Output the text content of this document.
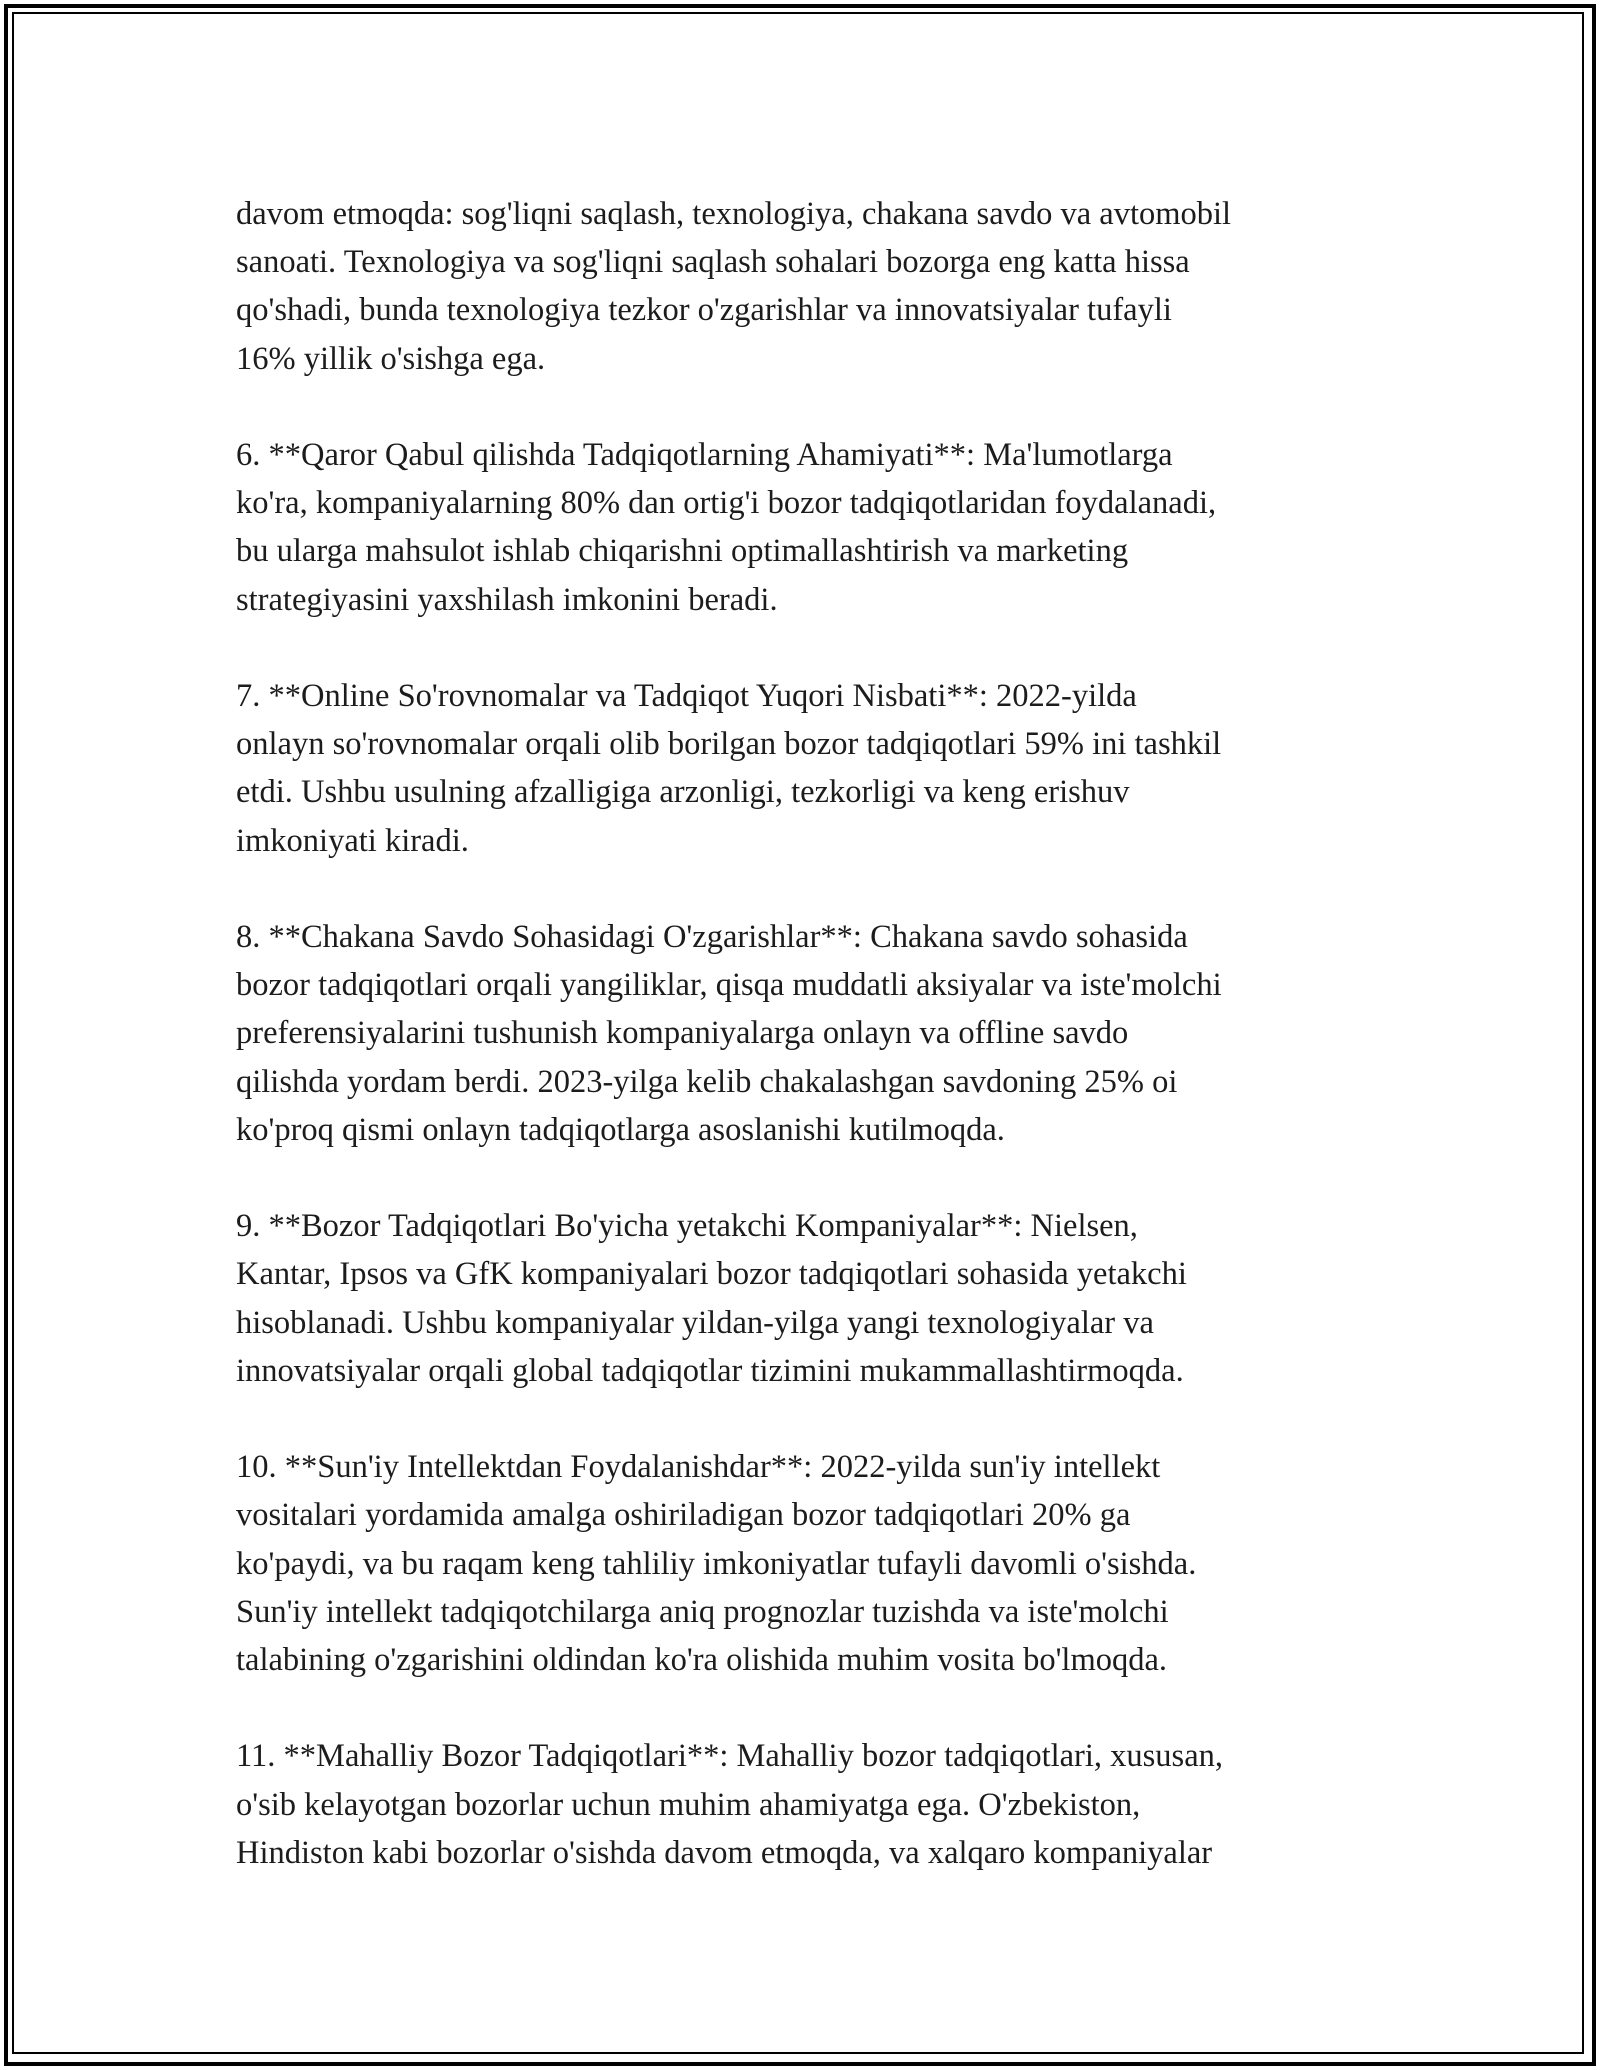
davom etmoqda: sog'liqni saqlash, texnologiya, chakana savdo va avtomobil
sanoati. Texnologiya va sog'liqni saqlash sohalari bozorga eng katta hissa
qo'shadi, bunda texnologiya tezkor o'zgarishlar va innovatsiyalar tufayli
16% yillik o'sishga ega.

6. **Qaror Qabul qilishda Tadqiqotlarning Ahamiyati**: Ma'lumotlarga
ko'ra, kompaniyalarning 80% dan ortig'i bozor tadqiqotlaridan foydalanadi,
bu ularga mahsulot ishlab chiqarishni optimallashtirish va marketing
strategiyasini yaxshilash imkonini beradi.

7. **Online So'rovnomalar va Tadqiqot Yuqori Nisbati**: 2022-yilda
onlayn so'rovnomalar orqali olib borilgan bozor tadqiqotlari 59% ini tashkil
etdi. Ushbu usulning afzalligiga arzonligi, tezkorligi va keng erishuv
imkoniyati kiradi.

8. **Chakana Savdo Sohasidagi O'zgarishlar**: Chakana savdo sohasida
bozor tadqiqotlari orqali yangiliklar, qisqa muddatli aksiyalar va iste'molchi
preferensiyalarini tushunish kompaniyalarga onlayn va offline savdo
qilishda yordam berdi. 2023-yilga kelib chakalashgan savdoning 25% oi
ko'proq qismi onlayn tadqiqotlarga asoslanishi kutilmoqda.

9. **Bozor Tadqiqotlari Bo'yicha yetakchi Kompaniyalar**: Nielsen,
Kantar, Ipsos va GfK kompaniyalari bozor tadqiqotlari sohasida yetakchi
hisoblanadi. Ushbu kompaniyalar yildan-yilga yangi texnologiyalar va
innovatsiyalar orqali global tadqiqotlar tizimini mukammallashtirmoqda.

10. **Sun'iy Intellektdan Foydalanishdar**: 2022-yilda sun'iy intellekt
vositalari yordamida amalga oshiriladigan bozor tadqiqotlari 20% ga
ko'paydi, va bu raqam keng tahliliy imkoniyatlar tufayli davomli o'sishda.
Sun'iy intellekt tadqiqotchilarga aniq prognozlar tuzishda va iste'molchi
talabining o'zgarishini oldindan ko'ra olishida muhim vosita bo'lmoqda.

11. **Mahalliy Bozor Tadqiqotlari**: Mahalliy bozor tadqiqotlari, xususan,
o'sib kelayotgan bozorlar uchun muhim ahamiyatga ega. O'zbekiston,
Hindiston kabi bozorlar o'sishda davom etmoqda, va xalqaro kompaniyalar
